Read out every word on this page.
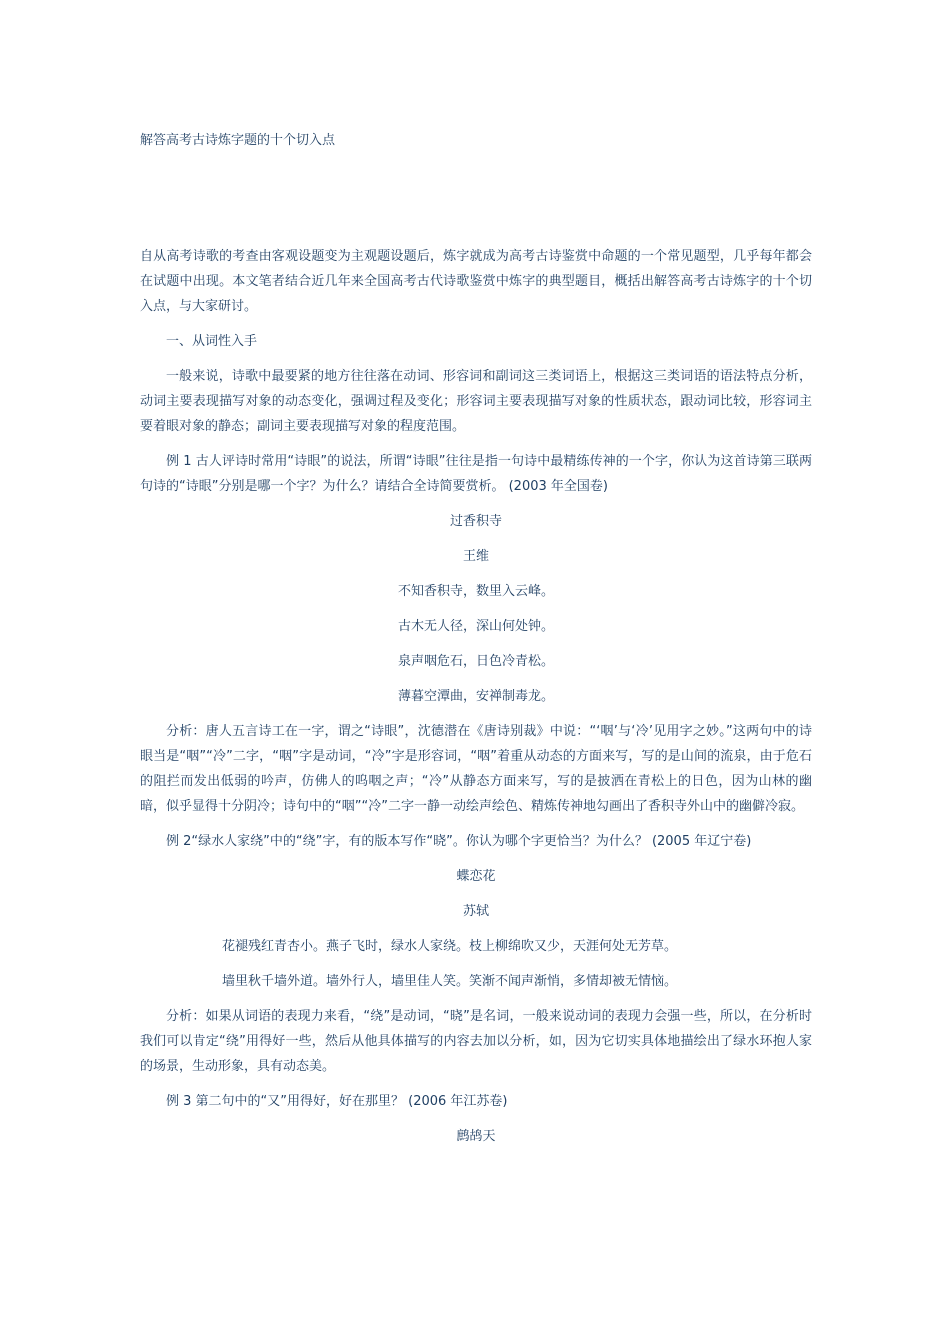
解答高考古诗炼字题的十个切入点

自从高考诗歌的考查由客观设题变为主观题设题后，炼字就成为高考古诗鉴赏中命题的一个常见题型，几乎每年都会在试题中出现。本文笔者结合近几年来全国高考古代诗歌鉴赏中炼字的典型题目，概括出解答高考古诗炼字的十个切入点，与大家研讨。

一、从词性入手

一般来说，诗歌中最要紧的地方往往落在动词、形容词和副词这三类词语上，根据这三类词语的语法特点分析，动词主要表现描写对象的动态变化，强调过程及变化；形容词主要表现描写对象的性质状态，跟动词比较，形容词主要着眼对象的静态；副词主要表现描写对象的程度范围。

例 1 古人评诗时常用“诗眼”的说法，所谓“诗眼”往往是指一句诗中最精练传神的一个字，你认为这首诗第三联两句诗的“诗眼”分别是哪一个字？为什么？请结合全诗简要赏析。 (2003 年全国卷)

过香积寺

王维

不知香积寺，数里入云峰。

古木无人径，深山何处钟。

泉声咽危石，日色冷青松。

薄暮空潭曲，安禅制毒龙。

分析：唐人五言诗工在一字，谓之“诗眼”，沈德潜在《唐诗别裁》中说：“‘咽’与‘冷’见用字之妙。”这两句中的诗眼当是“咽”“冷”二字，“咽”字是动词，“冷”字是形容词，“咽”着重从动态的方面来写，写的是山间的流泉，由于危石的阻拦而发出低弱的吟声，仿佛人的呜咽之声；“冷”从静态方面来写，写的是披洒在青松上的日色，因为山林的幽暗，似乎显得十分阴冷；诗句中的“咽”“冷”二字一静一动绘声绘色、精炼传神地勾画出了香积寺外山中的幽僻冷寂。

例 2“绿水人家绕”中的“绕”字，有的版本写作“晓”。你认为哪个字更恰当？为什么？ (2005 年辽宁卷)

蝶恋花

苏轼

花褪残红青杏小。燕子飞时，绿水人家绕。枝上柳绵吹又少，天涯何处无芳草。

墙里秋千墙外道。墙外行人，墙里佳人笑。笑渐不闻声渐悄，多情却被无情恼。

分析：如果从词语的表现力来看，“绕”是动词，“晓”是名词，一般来说动词的表现力会强一些，所以，在分析时我们可以肯定“绕”用得好一些，然后从他具体描写的内容去加以分析，如，因为它切实具体地描绘出了绿水环抱人家的场景，生动形象，具有动态美。

例 3 第二句中的“又”用得好，好在那里？ (2006 年江苏卷)

鹧鸪天
